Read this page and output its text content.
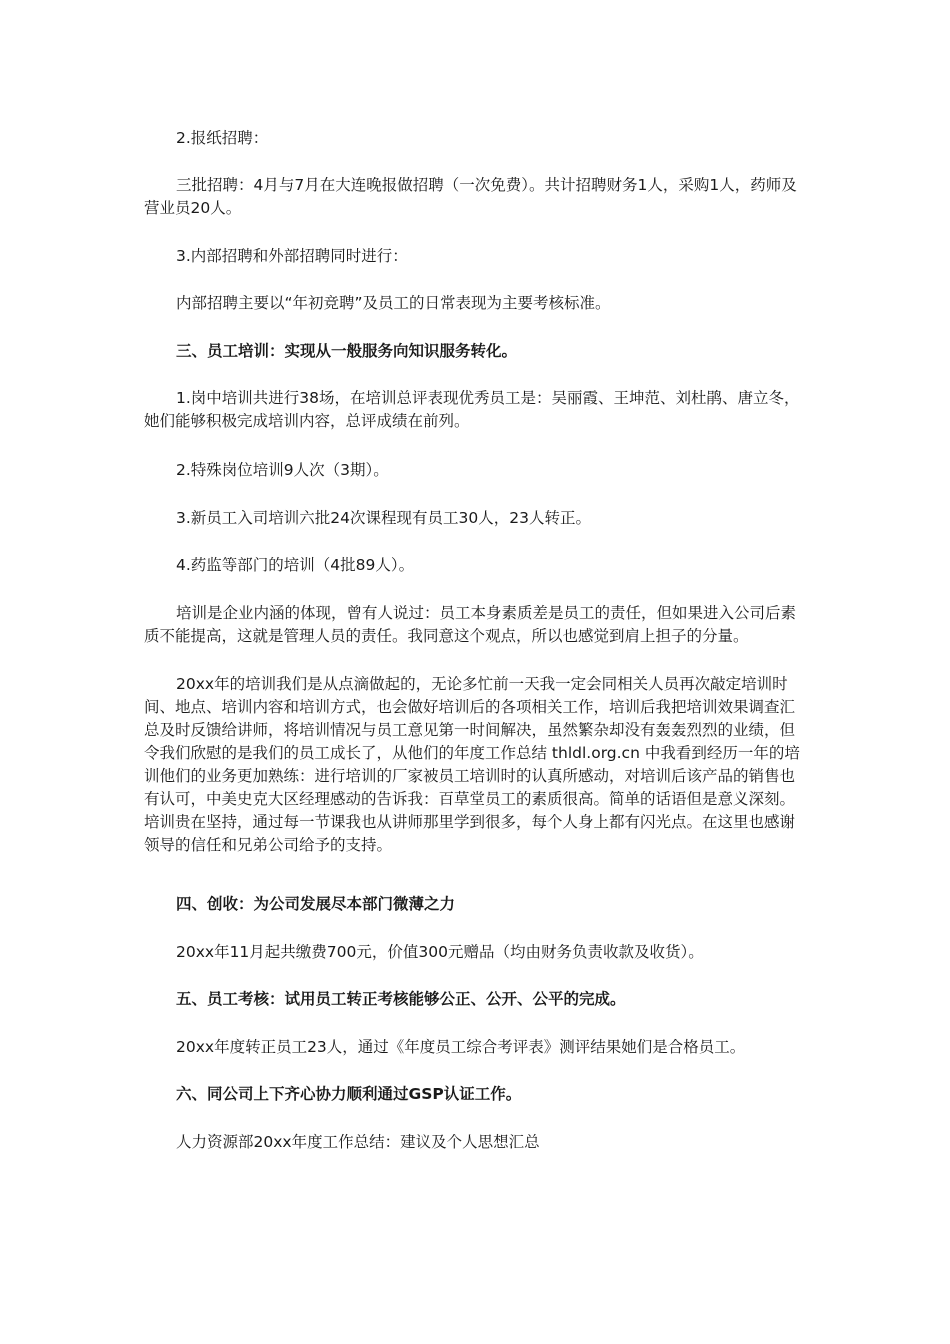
2.报纸招聘：

三批招聘：4月与7月在大连晚报做招聘（一次免费）。共计招聘财务1人，采购1人，药师及营业员20人。

3.内部招聘和外部招聘同时进行：

内部招聘主要以“年初竞聘”及员工的日常表现为主要考核标准。

三、员工培训：实现从一般服务向知识服务转化。

1.岗中培训共进行38场，在培训总评表现优秀员工是：吴丽霞、王坤范、刘杜鹃、唐立冬，她们能够积极完成培训内容，总评成绩在前列。

2.特殊岗位培训9人次（3期）。

3.新员工入司培训六批24次课程现有员工30人，23人转正。

4.药监等部门的培训（4批89人）。

培训是企业内涵的体现，曾有人说过：员工本身素质差是员工的责任，但如果进入公司后素质不能提高，这就是管理人员的责任。我同意这个观点，所以也感觉到肩上担子的分量。

20xx年的培训我们是从点滴做起的，无论多忙前一天我一定会同相关人员再次敲定培训时间、地点、培训内容和培训方式，也会做好培训后的各项相关工作，培训后我把培训效果调查汇总及时反馈给讲师，将培训情况与员工意见第一时间解决，虽然繁杂却没有轰轰烈烈的业绩，但令我们欣慰的是我们的员工成长了，从他们的年度工作总结 thldl.org.cn 中我看到经历一年的培训他们的业务更加熟练：进行培训的厂家被员工培训时的认真所感动，对培训后该产品的销售也有认可，中美史克大区经理感动的告诉我：百草堂员工的素质很高。简单的话语但是意义深刻。培训贵在坚持，通过每一节课我也从讲师那里学到很多，每个人身上都有闪光点。在这里也感谢领导的信任和兄弟公司给予的支持。

四、创收：为公司发展尽本部门微薄之力

20xx年11月起共缴费700元，价值300元赠品（均由财务负责收款及收货）。

五、员工考核：试用员工转正考核能够公正、公开、公平的完成。

20xx年度转正员工23人，通过《年度员工综合考评表》测评结果她们是合格员工。

六、同公司上下齐心协力顺利通过GSP认证工作。

人力资源部20xx年度工作总结：建议及个人思想汇总
